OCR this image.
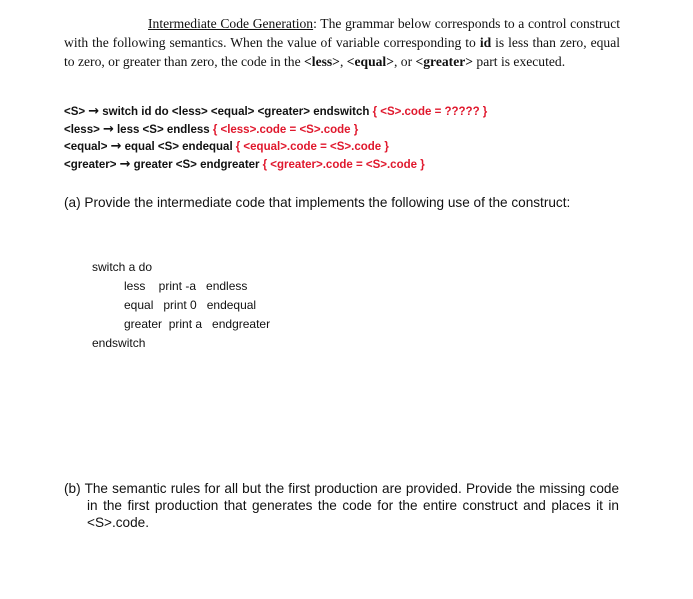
Intermediate Code Generation: The grammar below corresponds to a control construct with the following semantics. When the value of variable corresponding to id is less than zero, equal to zero, or greater than zero, the code in the <less>, <equal>, or <greater> part is executed.
<S> → switch id do <less> <equal> <greater> endswitch { <S>.code = ????? }
<less> → less <S> endless { <less>.code = <S>.code }
<equal> → equal <S> endequal { <equal>.code = <S>.code }
<greater> → greater <S> endgreater { <greater>.code = <S>.code }
(a) Provide the intermediate code that implements the following use of the construct:
switch a do
less    print -a   endless
equal   print 0   endequal
greater  print a   endgreater
endswitch
(b) The semantic rules for all but the first production are provided. Provide the missing code in the first production that generates the code for the entire construct and places it in <S>.code.
